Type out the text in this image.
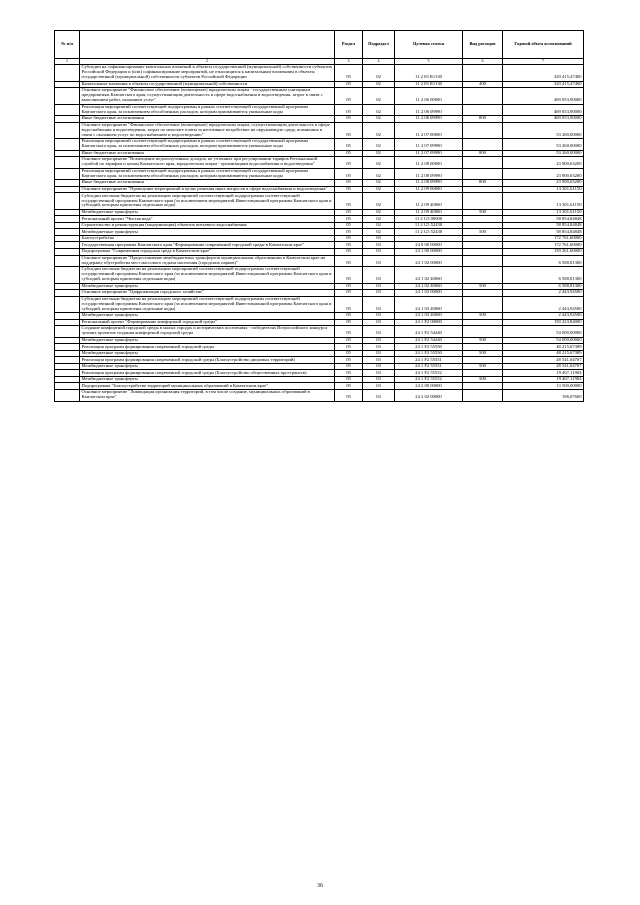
№ п/п		Раздел	Подраздел	Целевая статья	Вид расходов	Годовой объем ассигнований
1	2	3	4	5	6	7
	Субсидии на софинансирование капитальных вложений в объекты государственной (муниципальной) собственности субъектов Российской Федерации и (или) софинансирование мероприятий, не относящихся к капитальным вложениям в объекты государственной (муниципальной) собственности субъектов Российской Федерации	05	02	11 2 03 R1130		320 415,47400
	Капитальные вложения в объекты государственной (муниципальной) собственности	05	02	11 2 03 R1130	400	320 415,47400
	Основное мероприятие "Финансовое обеспечение (возмещение) юридическим лицам - государственным унитарным предприятиям Камчатского края, осуществляющим деятельность в сфере водоснабжения и водоотведения, затрат в связи с выполнением работ, оказанием услуг"	05	02	11 2 06 00000		469 053,90000
	Реализация мероприятий соответствующей подпрограммы в рамках соответствующей государственной программы Камчатского края, за исключением обособленных расходов, которым присваиваются уникальные коды	05	02	11 2 06 09990		469 053,90000
	Иные бюджетные ассигнования	05	02	11 2 06 09990	800	469 053,90000
	Основное мероприятие "Финансовое обеспечение (возмещение) юридическим лицам, осуществляющим деятельность в сфере водоснабжения и водоотведения, затрат по неоплате платы за негативное воздействие на окружающую среду, возникших в связи с оказанием услуг по водоснабжению и водоотведению"	05	02	11 2 07 00000		53 260,00000
	Реализация мероприятий соответствующей подпрограммы в рамках соответствующей государственной программы Камчатского края, за исключением обособленных расходов, которым присваиваются уникальные коды	05	02	11 2 07 09990		53 260,00000
	Иные бюджетные ассигнования	05	02	11 2 07 09990	800	53 260,00000
	Основное мероприятие "Возмещение недополученных доходов, не учтенных при регулировании тарифов Региональной службой по тарифам и ценам Камчатского края, юридическим лицам - организациям водоснабжения и водоотведения"	05	02	11 2 08 00000		23 900,63200
	Реализация мероприятий соответствующей подпрограммы в рамках соответствующей государственной программы Камчатского края, за исключением обособленных расходов, которым присваиваются уникальные коды	05	02	11 2 08 09990		23 900,63200
	Иные бюджетные ассигнования	05	02	11 2 08 09990	800	23 900,63200
	Основное мероприятие "Проведение мероприятий в целях решения иных вопросов в сфере водоснабжения и водоотведения"	05	02	11 2 09 00000		13 301,61150
	Субсидии местным бюджетам на реализацию мероприятий соответствующей подпрограммы соответствующей государственной программы Камчатского края (за исключением мероприятий Инвестиционной программы Камчатского края и субсидий, которым присвоены отдельные коды)	05	02	11 2 09 40060		13 301,61150
	Межбюджетные трансферты	05	02	11 2 09 40060	500	13 301,61150
	Региональный проект "Чистая вода"	05	02	11 2 G5 00000		58 854,84848
	Строительство и реконструкция (модернизация) объектов питьевого водоснабжения	05	02	11 2 G5 52430		58 854,84848
	Межбюджетные трансферты	05	02	11 2 G5 52430	500	58 854,84848
	Благоустройство	05	03			172 761,60000
	Государственная программа Камчатского края "Формирование современной городской среды в Камчатском крае"	05	03	24 0 00 00000		172 761,60000
	Подпрограмма "Современная городская среда в Камчатском крае"	05	03	24 1 00 00000		159 261,60000
	Основное мероприятие "Предоставление межбюджетных трансфертов муниципальным образованиям в Камчатском крае на поддержку обустройства мест массового отдыха населения (городских парков)"	05	03	24 1 02 00000		6 588,81300
	Субсидии местным бюджетам на реализацию мероприятий соответствующей подпрограммы соответствующей государственной программы Камчатского края (за исключением мероприятий Инвестиционной программы Камчатского края и субсидий, которым присвоены отдельные коды)	05	03	24 1 02 40060		6 588,81300
	Межбюджетные трансферты	05	03	24 1 02 40060	500	6 588,81300
	Основное мероприятие "Цифровизация городского хозяйства"	05	03	24 1 03 00000		2 443,94500
	Субсидии местным бюджетам на реализацию мероприятий соответствующей подпрограммы соответствующей государственной программы Камчатского края (за исключением мероприятий Инвестиционной программы Камчатского края и субсидий, которым присвоены отдельные коды)	05	03	24 1 03 40060		2 443,94500
	Межбюджетные трансферты	05	03	24 1 03 40060	500	2 443,94500
	Региональный проект "Формирование комфортной городской среды"	05	03	24 1 F2 00000		150 223,84000
	Создание комфортной городской среды в малых городах и исторических поселениях - победителях Всероссийского конкурса лучших проектов создания комфортной городской среды	05	03	24 1 F2 54240		54 000,00000
	Межбюджетные трансферты	05	03	24 1 F2 54240	500	54 000,00000
	Реализация программ формирования современной городской среды	05	03	24 1 F2 55550		48 215,67389
	Межбюджетные трансферты	05	03	24 1 F2 55550	500	48 215,67389
	Реализация программ формирования современной городской среды (Благоустройство дворовых территорий)	05	03	24 1 F2 55551		28 541,04707
	Межбюджетные трансферты	05	03	24 1 F2 55551	500	28 541,04707
	Реализация программ формирования современной городской среды (Благоустройство общественных пространств)	05	03	24 1 F2 55552		19 467,11904
	Межбюджетные трансферты	05	03	24 1 F2 55552	500	19 467,11904
	Подпрограмма "Благоустройство территорий муниципальных образований в Камчатском крае"	05	03	24 2 00 00000		13 500,00000
	Основное мероприятие "Ликвидация организация территорий, в том числе создание, муниципальных образований в Камчатском крае"	05	03	24 2 02 00000		196,07600
36
